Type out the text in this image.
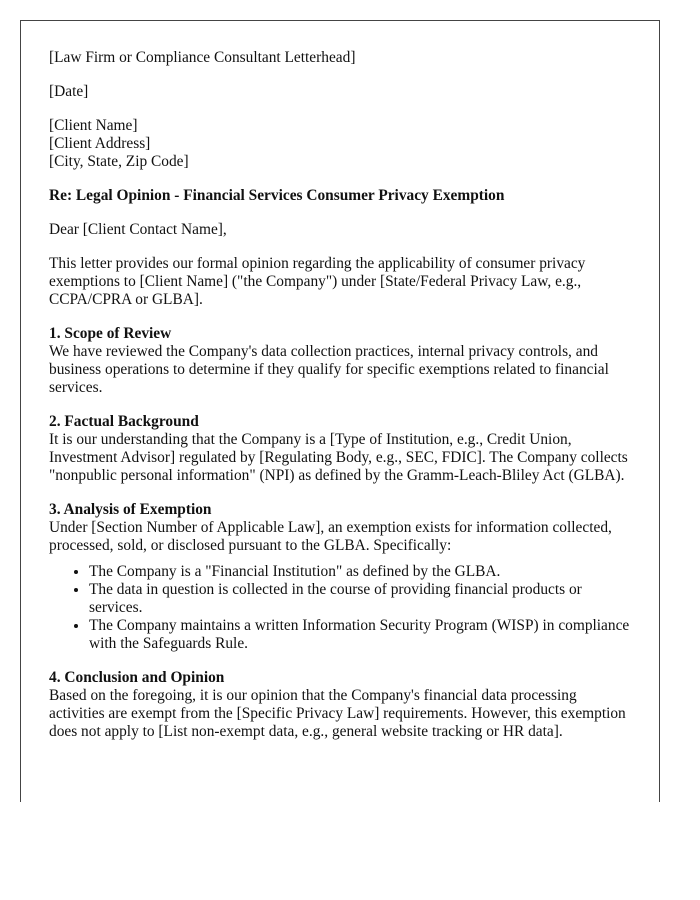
[Law Firm or Compliance Consultant Letterhead]

[Date]

[Client Name]
[Client Address]
[City, State, Zip Code]

Re: Legal Opinion - Financial Services Consumer Privacy Exemption

Dear [Client Contact Name],

This letter provides our formal opinion regarding the applicability of consumer privacy exemptions to [Client Name] ("the Company") under [State/Federal Privacy Law, e.g., CCPA/CPRA or GLBA].

1. Scope of Review
We have reviewed the Company's data collection practices, internal privacy controls, and business operations to determine if they qualify for specific exemptions related to financial services.

2. Factual Background
It is our understanding that the Company is a [Type of Institution, e.g., Credit Union, Investment Advisor] regulated by [Regulating Body, e.g., SEC, FDIC]. The Company collects "nonpublic personal information" (NPI) as defined by the Gramm-Leach-Bliley Act (GLBA).

3. Analysis of Exemption
Under [Section Number of Applicable Law], an exemption exists for information collected, processed, sold, or disclosed pursuant to the GLBA. Specifically:

• The Company is a "Financial Institution" as defined by the GLBA.
• The data in question is collected in the course of providing financial products or services.
• The Company maintains a written Information Security Program (WISP) in compliance with the Safeguards Rule.

4. Conclusion and Opinion
Based on the foregoing, it is our opinion that the Company's financial data processing activities are exempt from the [Specific Privacy Law] requirements. However, this exemption does not apply to [List non-exempt data, e.g., general website tracking or HR data].
